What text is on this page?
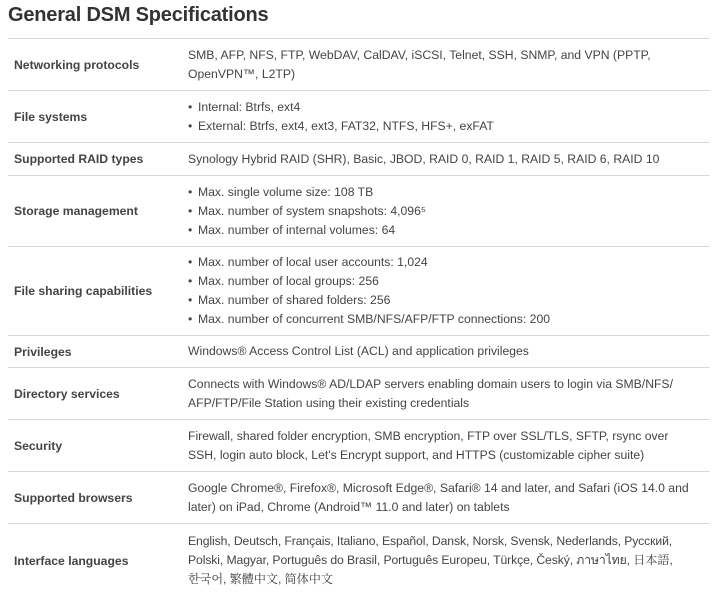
General DSM Specifications
Networking protocols
SMB, AFP, NFS, FTP, WebDAV, CalDAV, iSCSI, Telnet, SSH, SNMP, and VPN (PPTP,
OpenVPN™, L2TP)
File systems
• Internal: Btrfs, ext4
• External: Btrfs, ext4, ext3, FAT32, NTFS, HFS+, exFAT
Supported RAID types	Synology Hybrid RAID (SHR), Basic, JBOD, RAID 0, RAID 1, RAID 5, RAID 6, RAID 10
Storage management
• Max. single volume size: 108 TB
• Max. number of system snapshots: 4,096⁵
• Max. number of internal volumes: 64
File sharing capabilities
• Max. number of local user accounts: 1,024
• Max. number of local groups: 256
• Max. number of shared folders: 256
• Max. number of concurrent SMB/NFS/AFP/FTP connections: 200
Privileges	Windows® Access Control List (ACL) and application privileges
Directory services
Connects with Windows® AD/LDAP servers enabling domain users to login via SMB/NFS/
AFP/FTP/File Station using their existing credentials
Security
Firewall, shared folder encryption, SMB encryption, FTP over SSL/TLS, SFTP, rsync over
SSH, login auto block, Let's Encrypt support, and HTTPS (customizable cipher suite)
Supported browsers
Google Chrome®, Firefox®, Microsoft Edge®, Safari® 14 and later, and Safari (iOS 14.0 and
later) on iPad, Chrome (Android™ 11.0 and later) on tablets
Interface languages
English, Deutsch, Français, Italiano, Español, Dansk, Norsk, Svensk, Nederlands, Русский,
Polski, Magyar, Português do Brasil, Português Europeu, Türkçe, Český, ภาษาไทย, 日本語,
한국어, 繁體中文, 简体中文
